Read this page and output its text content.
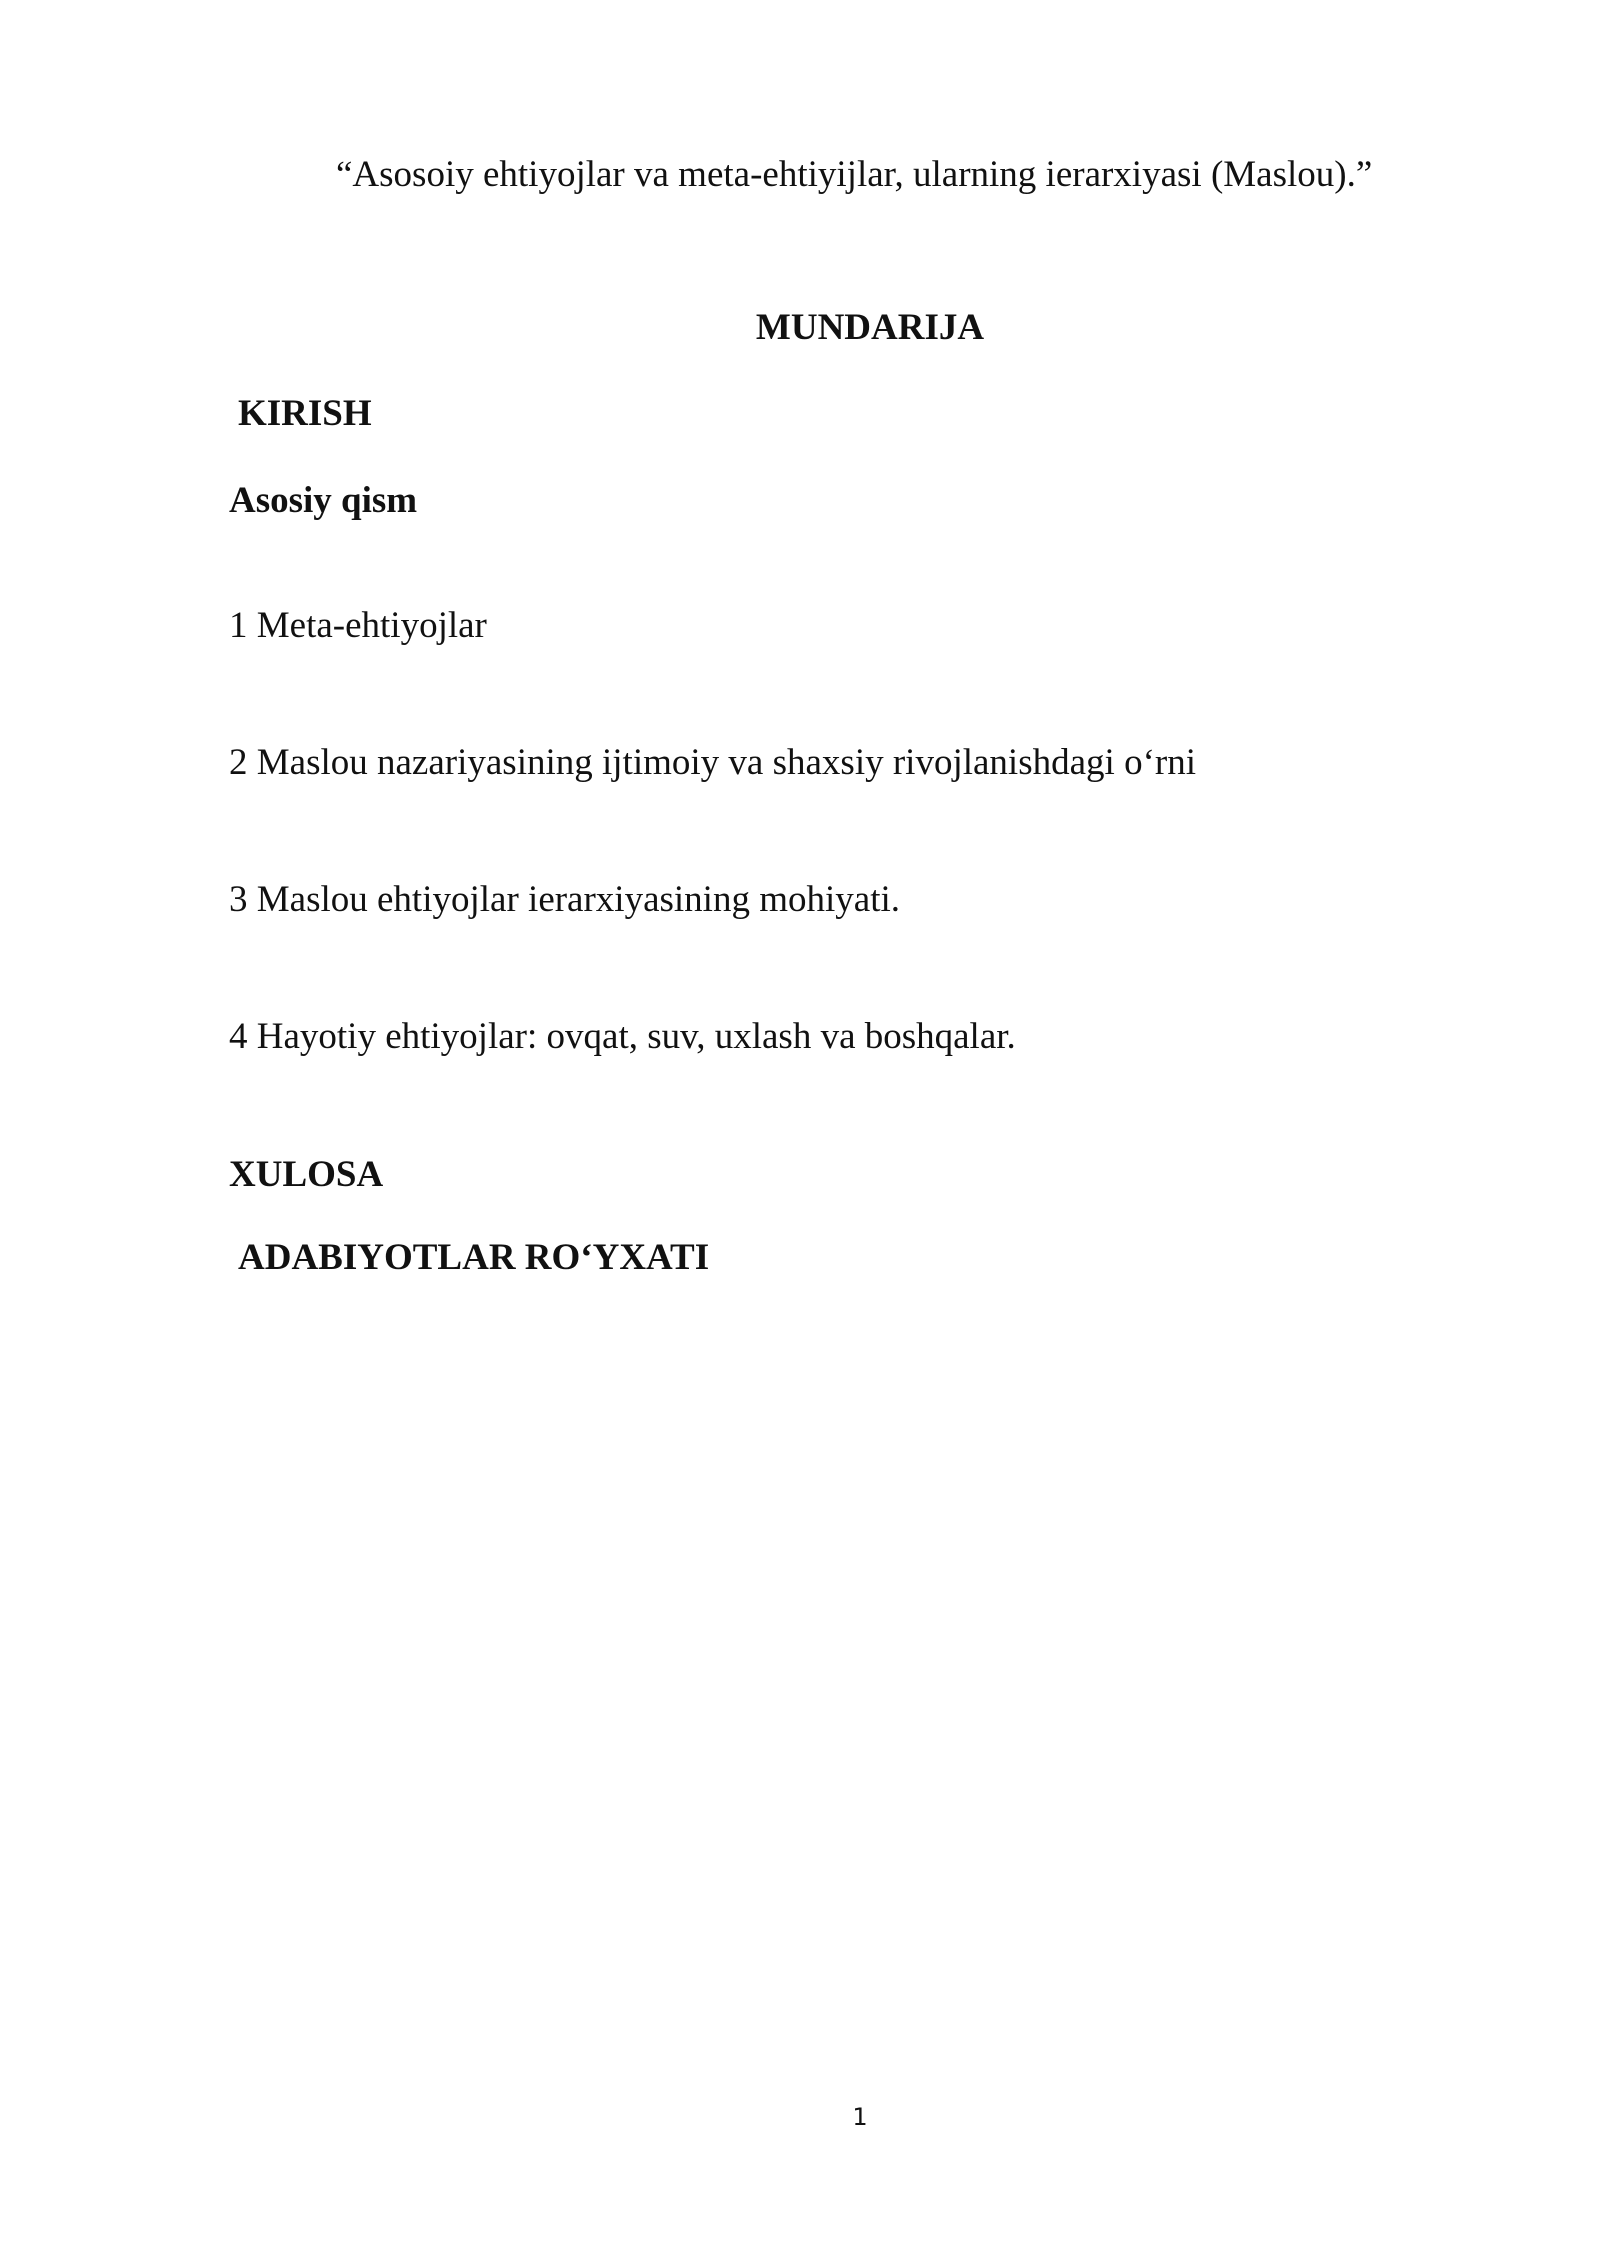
“Asosoiy ehtiyojlar va meta-ehtiyijlar, ularning ierarxiyasi (Maslou).”
MUNDARIJA
KIRISH
Asosiy qism
1 Meta-ehtiyojlar
2 Maslou nazariyasining ijtimoiy va shaxsiy rivojlanishdagi o‘rni
3 Maslou ehtiyojlar ierarxiyasining mohiyati.
4 Hayotiy ehtiyojlar: ovqat, suv, uxlash va boshqalar.
XULOSA
ADABIYOTLAR RO‘YXATI
1
